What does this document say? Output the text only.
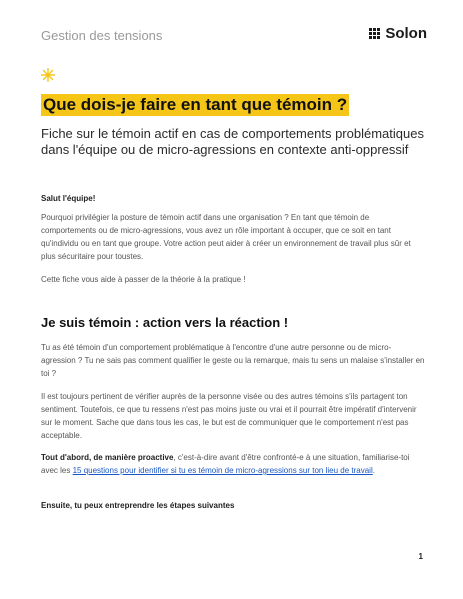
Gestion des tensions	Solon
Que dois-je faire en tant que témoin ?

Fiche sur le témoin actif en cas de comportements problématiques dans l'équipe ou de micro-agressions en contexte anti-oppressif

Salut l'équipe!

Pourquoi privilégier la posture de témoin actif dans une organisation ? En tant que témoin de comportements ou de micro-agressions, vous avez un rôle important à occuper, que ce soit en tant qu'individu ou en tant que groupe. Votre action peut aider à créer un environnement de travail plus sûr et plus sécuritaire pour toustes.

Cette fiche vous aide à passer de la théorie à la pratique !

Je suis témoin : action vers la réaction !

Tu as été témoin d'un comportement problématique à l'encontre d'une autre personne ou de micro-agression ? Tu ne sais pas comment qualifier le geste ou la remarque, mais tu sens un malaise s'installer en toi ?

Il est toujours pertinent de vérifier auprès de la personne visée ou des autres témoins s'ils partagent ton sentiment. Toutefois, ce que tu ressens n'est pas moins juste ou vrai et il pourrait être impératif d'intervenir sur le moment. Sache que dans tous les cas, le but est de communiquer que le comportement n'est pas acceptable.

Tout d'abord, de manière proactive, c'est-à-dire avant d'être confronté-e à une situation, familiarise-toi avec les 15 questions pour identifier si tu es témoin de micro-agressions sur ton lieu de travail.

Ensuite, tu peux entreprendre les étapes suivantes

1
